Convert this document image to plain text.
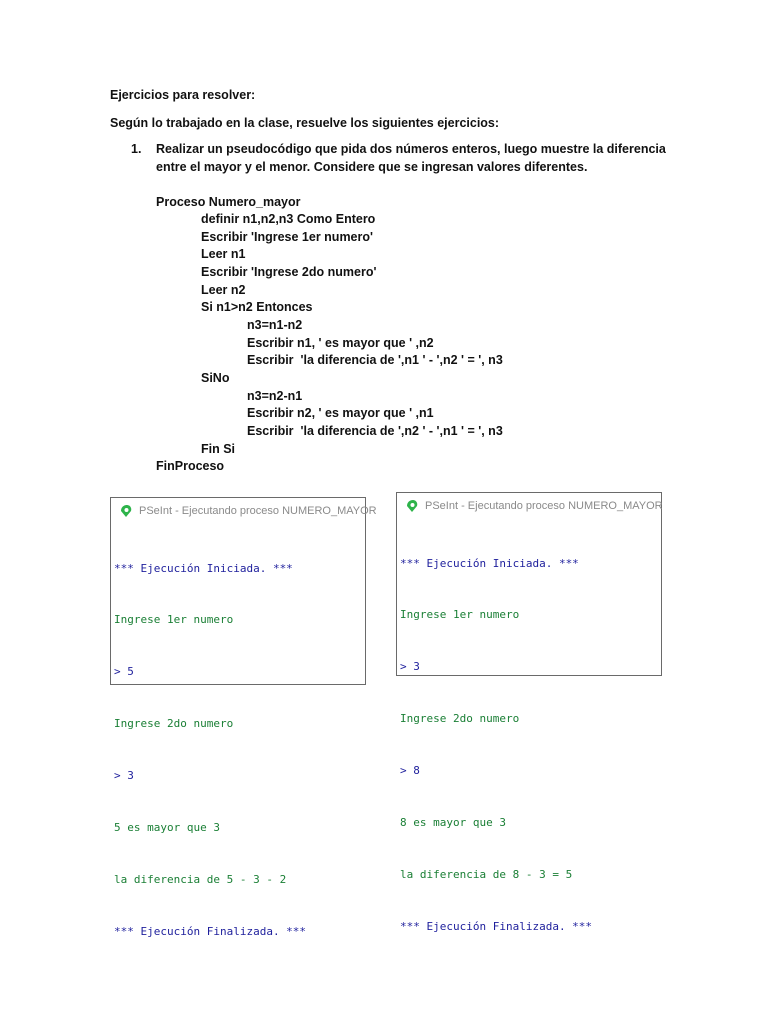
Ejercicios para resolver:
Según lo trabajado en la clase, resuelve los siguientes ejercicios:
1. Realizar un pseudocódigo que pida dos números enteros, luego muestre la diferencia
entre el mayor y el menor. Considere que se ingresan valores diferentes.
Proceso Numero_mayor
definir n1,n2,n3 Como Entero
Escribir 'Ingrese 1er numero'
Leer n1
Escribir 'Ingrese 2do numero'
Leer n2
Si n1>n2 Entonces
n3=n1-n2
Escribir n1, ' es mayor que ' ,n2
Escribir  'la diferencia de ',n1 ' - ',n2 ' = ', n3
SiNo
n3=n2-n1
Escribir n2, ' es mayor que ' ,n1
Escribir  'la diferencia de ',n2 ' - ',n1 ' = ', n3
Fin Si
FinProceso
PSeInt - Ejecutando proceso NUMERO_MAYOR

*** Ejecución Iniciada. ***

Ingrese 1er numero

> 5

Ingrese 2do numero

> 3

5 es mayor que 3

la diferencia de 5 - 3 - 2

*** Ejecución Finalizada. ***

PSeInt - Ejecutando proceso NUMERO_MAYOR

*** Ejecución Iniciada. ***

Ingrese 1er numero

> 3

Ingrese 2do numero

> 8

8 es mayor que 3

la diferencia de 8 - 3 = 5

*** Ejecución Finalizada. ***
